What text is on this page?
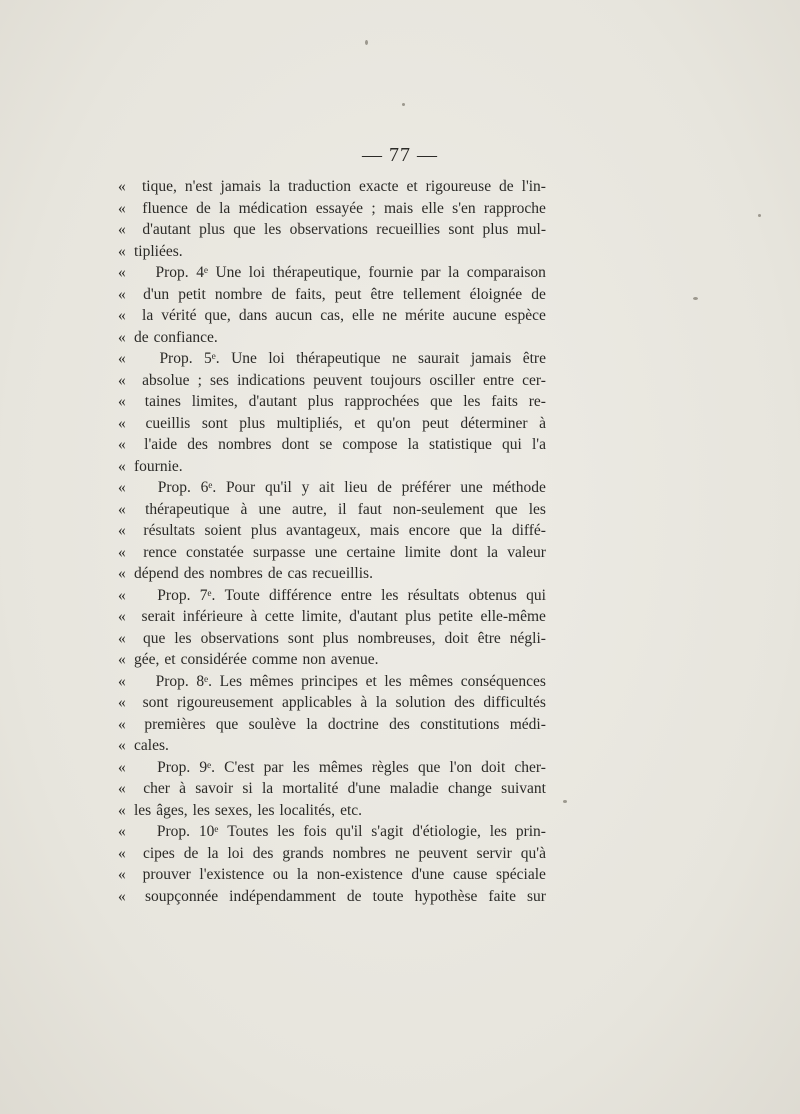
— 77 —
«	tique, n'est jamais la traduction exacte et rigoureuse de l'in-
«	fluence de la médication essayée ; mais elle s'en rapproche
«	d'autant plus que les observations recueillies sont plus mul-
« tipliées.
«	Prop. 4ᵉ Une loi thérapeutique, fournie par la comparaison
«	d'un petit nombre de faits, peut être tellement éloignée de
«	la vérité que, dans aucun cas, elle ne mérite aucune espèce
« de confiance.
«	Prop. 5ᵉ. Une loi thérapeutique ne saurait jamais être
«	absolue ; ses indications peuvent toujours osciller entre cer-
«	taines limites, d'autant plus rapprochées que les faits re-
«	cueillis sont plus multipliés, et qu'on peut déterminer à
«	l'aide des nombres dont se compose la statistique qui l'a
« fournie.
«	Prop. 6ᵉ. Pour qu'il y ait lieu de préférer une méthode
«	thérapeutique à une autre, il faut non-seulement que les
«	résultats soient plus avantageux, mais encore que la diffé-
«	rence constatée surpasse une certaine limite dont la valeur
« dépend des nombres de cas recueillis.
«	Prop. 7ᵉ. Toute différence entre les résultats obtenus qui
«	serait inférieure à cette limite, d'autant plus petite elle-même
«	que les observations sont plus nombreuses, doit être négli-
« gée, et considérée comme non avenue.
«	Prop. 8ᵉ. Les mêmes principes et les mêmes conséquences
«	sont rigoureusement applicables à la solution des difficultés
«	premières que soulève la doctrine des constitutions médi-
« cales.
«	Prop. 9ᵉ. C'est par les mêmes règles que l'on doit cher-
«	cher à savoir si la mortalité d'une maladie change suivant
« les âges, les sexes, les localités, etc.
«	Prop. 10ᵉ Toutes les fois qu'il s'agit d'étiologie, les prin-
«	cipes de la loi des grands nombres ne peuvent servir qu'à
«	prouver l'existence ou la non-existence d'une cause spéciale
«	soupçonnée indépendamment de toute hypothèse faite sur
